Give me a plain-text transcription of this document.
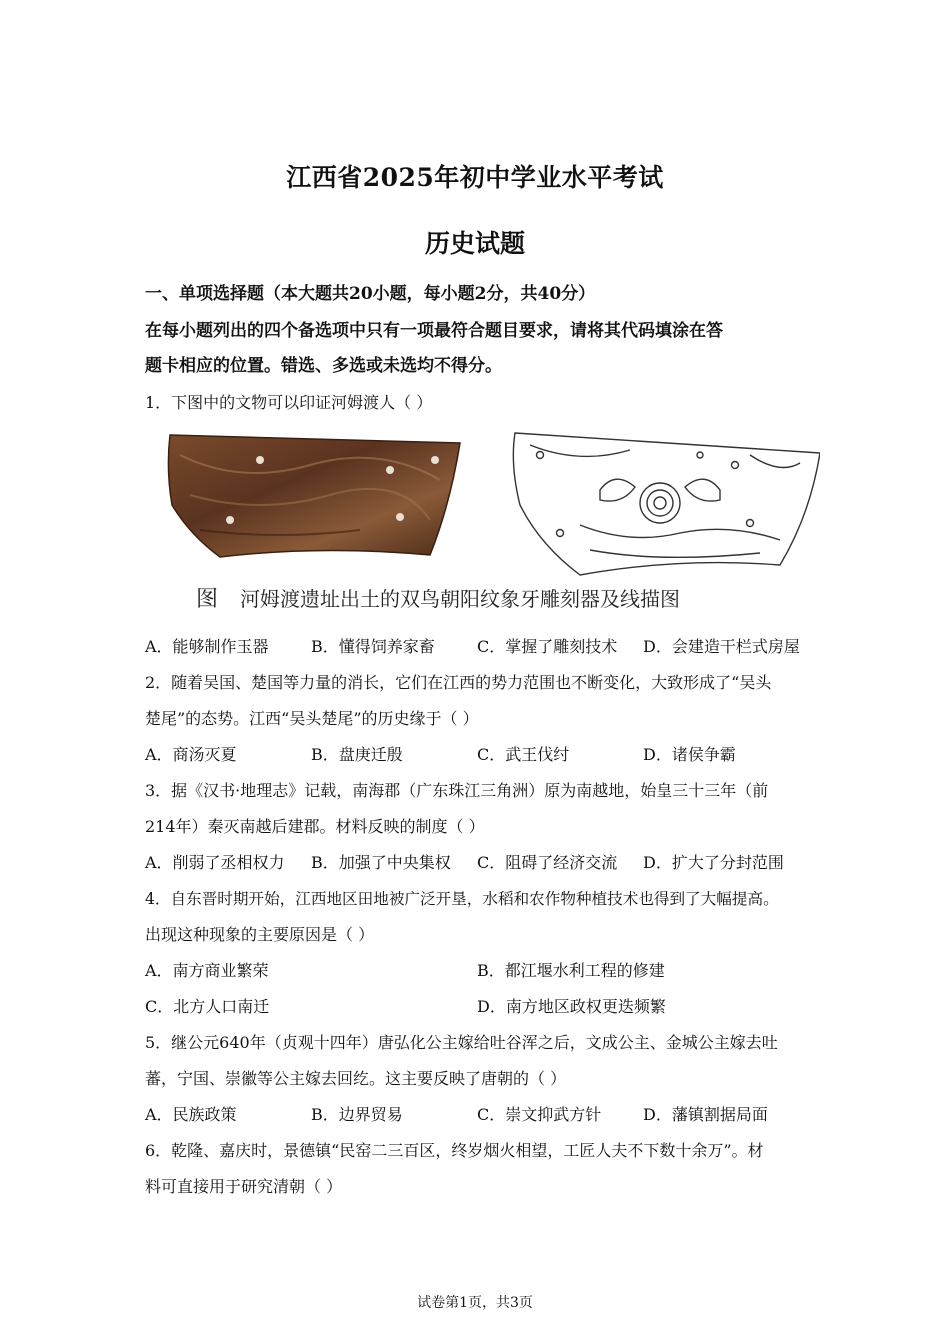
江西省2025年初中学业水平考试
历史试题
一、单项选择题（本大题共20小题，每小题2分，共40分）
在每小题列出的四个备选项中只有一项最符合题目要求，请将其代码填涂在答
题卡相应的位置。错选、多选或未选均不得分。
1．下图中的文物可以印证河姆渡人（ ）
图 河姆渡遗址出土的双鸟朝阳纹象牙雕刻器及线描图
A．能够制作玉器	B．懂得饲养家畜	C．掌握了雕刻技术 D．会建造干栏式房屋
2．随着吴国、楚国等力量的消长，它们在江西的势力范围也不断变化，大致形成了“吴头
楚尾”的态势。江西“吴头楚尾”的历史缘于（ ）
A．商汤灭夏	B．盘庚迁殷	C．武王伐纣	D．诸侯争霸
3．据《汉书·地理志》记载，南海郡（广东珠江三角洲）原为南越地，始皇三十三年（前
214年）秦灭南越后建郡。材料反映的制度（ ）
A．削弱了丞相权力 B．加强了中央集权 C．阻碍了经济交流 D．扩大了分封范围
4．自东晋时期开始，江西地区田地被广泛开垦，水稻和农作物种植技术也得到了大幅提高。
出现这种现象的主要原因是（ ）
A．南方商业繁荣	B．都江堰水利工程的修建
C．北方人口南迁	D．南方地区政权更迭频繁
5．继公元640年（贞观十四年）唐弘化公主嫁给吐谷浑之后，文成公主、金城公主嫁去吐
蕃，宁国、崇徽等公主嫁去回纥。这主要反映了唐朝的（ ）
A．民族政策	B．边界贸易	C．崇文抑武方针	D．藩镇割据局面
6．乾隆、嘉庆时，景德镇“民窑二三百区，终岁烟火相望，工匠人夫不下数十余万”。材
料可直接用于研究清朝（ ）
试卷第1页，共3页
